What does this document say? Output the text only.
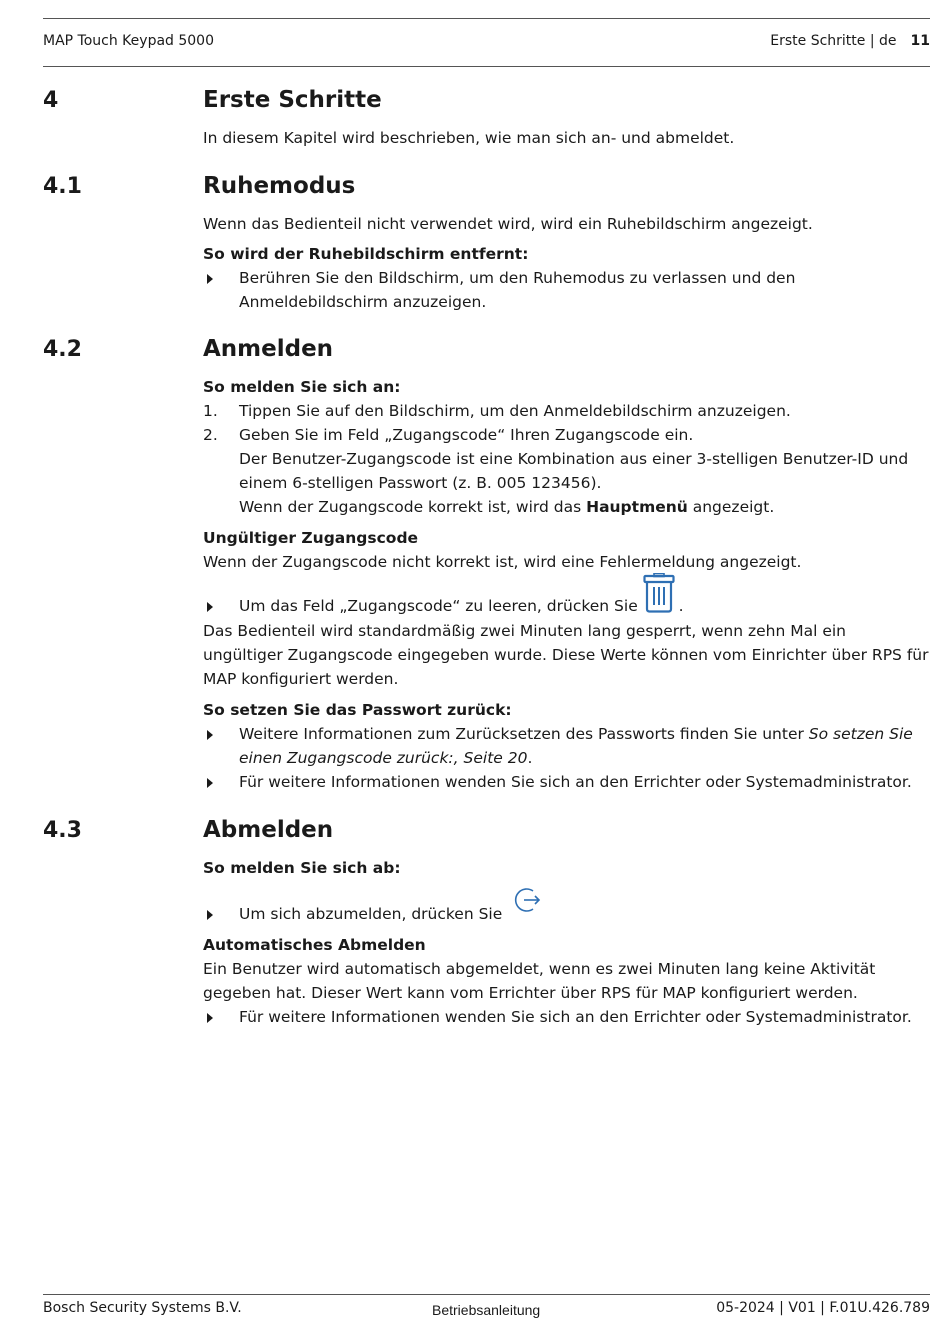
MAP Touch Keypad 5000	Erste Schritte | de 11
4	Erste Schritte
In diesem Kapitel wird beschrieben, wie man sich an- und abmeldet.
4.1	Ruhemodus
Wenn das Bedienteil nicht verwendet wird, wird ein Ruhebildschirm angezeigt.
So wird der Ruhebildschirm entfernt:
Berühren Sie den Bildschirm, um den Ruhemodus zu verlassen und den Anmeldebildschirm anzuzeigen.
4.2	Anmelden
So melden Sie sich an:
1. Tippen Sie auf den Bildschirm, um den Anmeldebildschirm anzuzeigen.
2. Geben Sie im Feld „Zugangscode“ Ihren Zugangscode ein.
Der Benutzer-Zugangscode ist eine Kombination aus einer 3-stelligen Benutzer-ID und einem 6-stelligen Passwort (z. B. 005 123456).
Wenn der Zugangscode korrekt ist, wird das Hauptmenü angezeigt.
Ungültiger Zugangscode
Wenn der Zugangscode nicht korrekt ist, wird eine Fehlermeldung angezeigt.
Um das Feld „Zugangscode“ zu leeren, drücken Sie .
Das Bedienteil wird standardmäßig zwei Minuten lang gesperrt, wenn zehn Mal ein ungültiger Zugangscode eingegeben wurde. Diese Werte können vom Einrichter über RPS für MAP konfiguriert werden.
So setzen Sie das Passwort zurück:
Weitere Informationen zum Zurücksetzen des Passworts finden Sie unter So setzen Sie einen Zugangscode zurück:, Seite 20.
Für weitere Informationen wenden Sie sich an den Errichter oder Systemadministrator.
4.3	Abmelden
So melden Sie sich ab:
Um sich abzumelden, drücken Sie
Automatisches Abmelden
Ein Benutzer wird automatisch abgemeldet, wenn es zwei Minuten lang keine Aktivität gegeben hat. Dieser Wert kann vom Errichter über RPS für MAP konfiguriert werden.
Für weitere Informationen wenden Sie sich an den Errichter oder Systemadministrator.
Bosch Security Systems B.V.	Betriebsanleitung	05-2024 | V01 | F.01U.426.789
